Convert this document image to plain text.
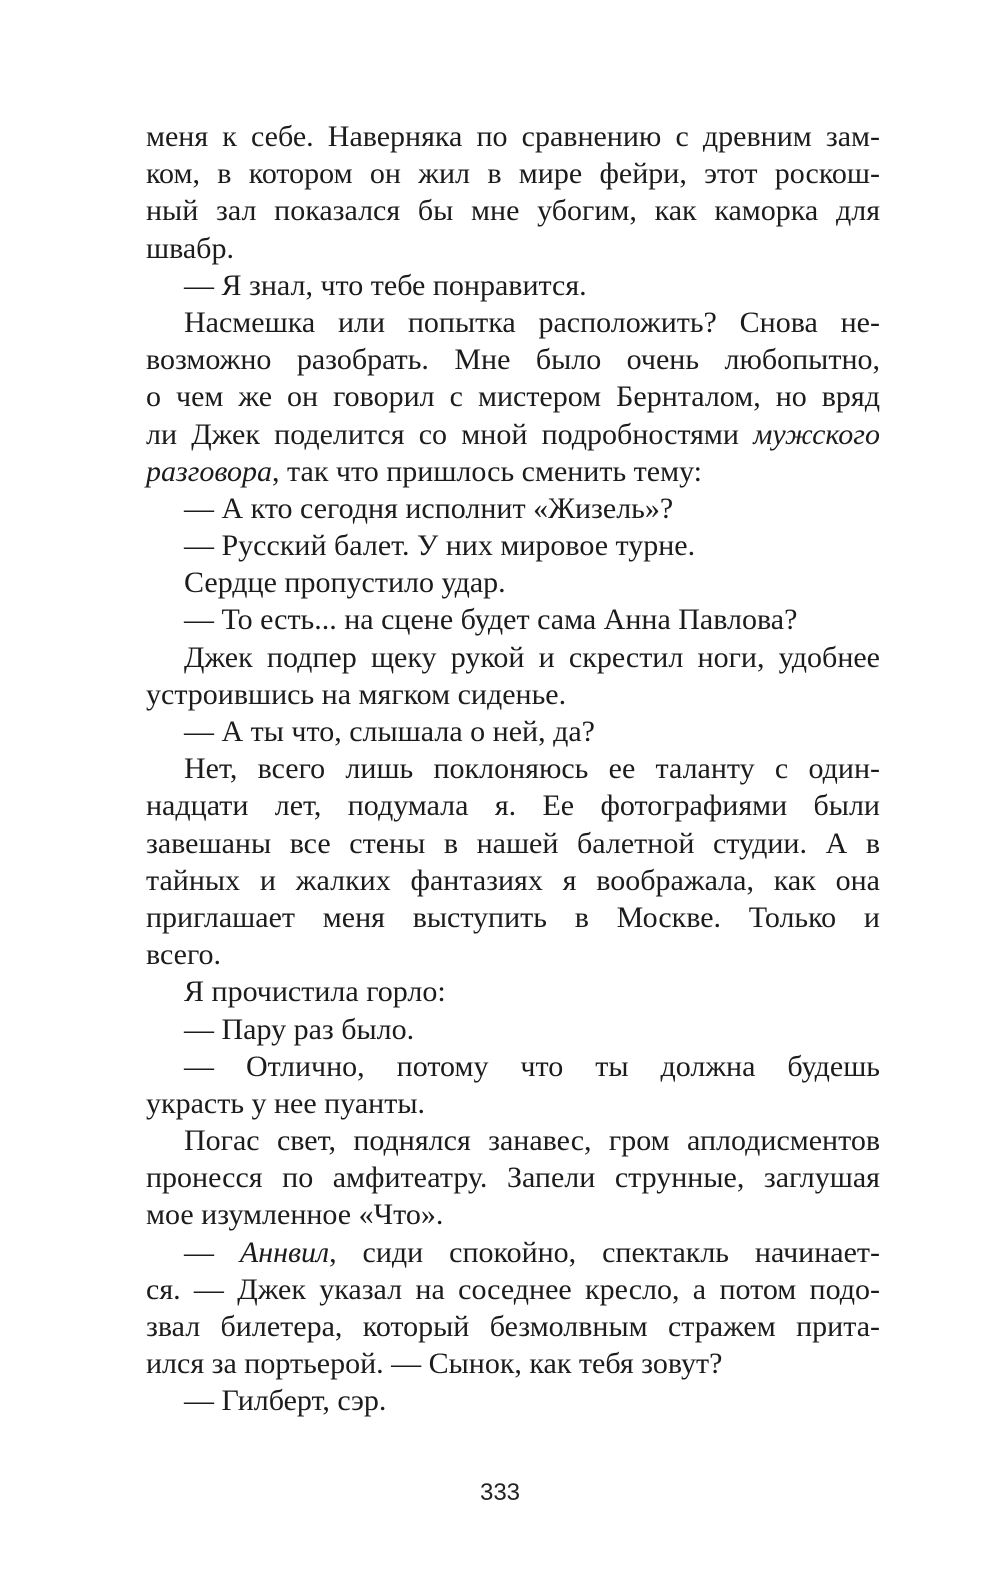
меня к себе. Наверняка по сравнению с древним зам-
ком, в котором он жил в мире фейри, этот роскош-
ный зал показался бы мне убогим, как каморка для
швабр.
— Я знал, что тебе понравится.
Насмешка или попытка расположить? Снова не-
возможно разобрать. Мне было очень любопытно,
о чем же он говорил с мистером Бернталом, но вряд
ли Джек поделится со мной подробностями мужского
разговора, так что пришлось сменить тему:
— А кто сегодня исполнит «Жизель»?
— Русский балет. У них мировое турне.
Сердце пропустило удар.
— То есть... на сцене будет сама Анна Павлова?
Джек подпер щеку рукой и скрестил ноги, удобнее
устроившись на мягком сиденье.
— А ты что, слышала о ней, да?
Нет, всего лишь поклоняюсь ее таланту с один-
надцати лет, подумала я. Ее фотографиями были
завешаны все стены в нашей балетной студии. А в
тайных и жалких фантазиях я воображала, как она
приглашает меня выступить в Москве. Только и
всего.
Я прочистила горло:
— Пару раз было.
— Отлично, потому что ты должна будешь
украсть у нее пуанты.
Погас свет, поднялся занавес, гром аплодисментов
пронесся по амфитеатру. Запели струнные, заглушая
мое изумленное «Что».
— Аннвил, сиди спокойно, спектакль начинает-
ся. — Джек указал на соседнее кресло, а потом подо-
звал билетера, который безмолвным стражем прита-
ился за портьерой. — Сынок, как тебя зовут?
— Гилберт, сэр.
333
